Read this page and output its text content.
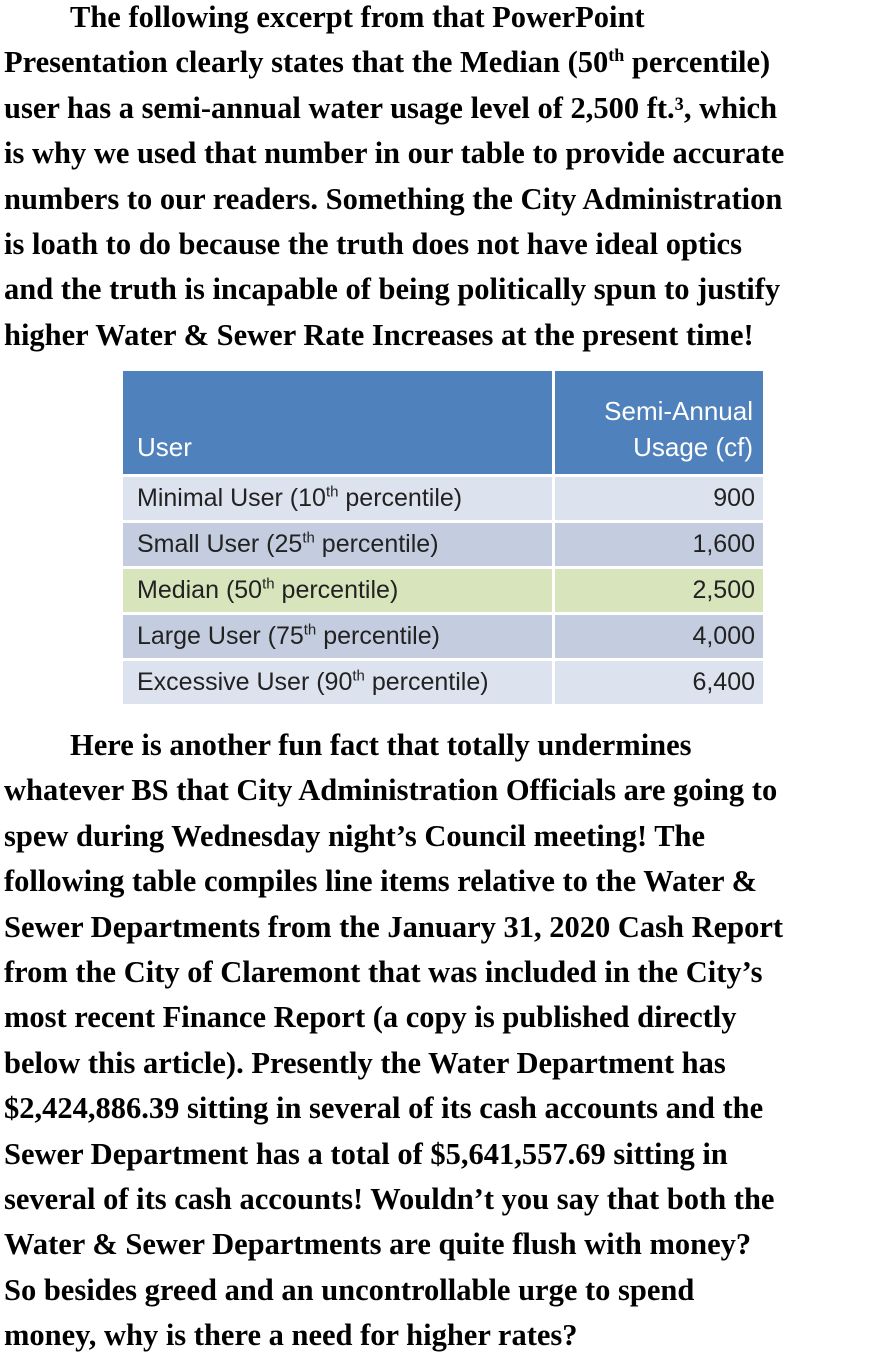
The following excerpt from that PowerPoint
Presentation clearly states that the Median (50th percentile)
user has a semi-annual water usage level of 2,500 ft.³, which
is why we used that number in our table to provide accurate
numbers to our readers. Something the City Administration
is loath to do because the truth does not have ideal optics
and the truth is incapable of being politically spun to justify
higher Water & Sewer Rate Increases at the present time!

User	Semi-Annual
Usage (cf)
Minimal User (10th percentile)	900
Small User (25th percentile)	1,600
Median (50th percentile)	2,500
Large User (75th percentile)	4,000
Excessive User (90th percentile)	6,400

Here is another fun fact that totally undermines
whatever BS that City Administration Officials are going to
spew during Wednesday night’s Council meeting! The
following table compiles line items relative to the Water &
Sewer Departments from the January 31, 2020 Cash Report
from the City of Claremont that was included in the City’s
most recent Finance Report (a copy is published directly
below this article). Presently the Water Department has
$2,424,886.39 sitting in several of its cash accounts and the
Sewer Department has a total of $5,641,557.69 sitting in
several of its cash accounts! Wouldn’t you say that both the
Water & Sewer Departments are quite flush with money?
So besides greed and an uncontrollable urge to spend
money, why is there a need for higher rates?
